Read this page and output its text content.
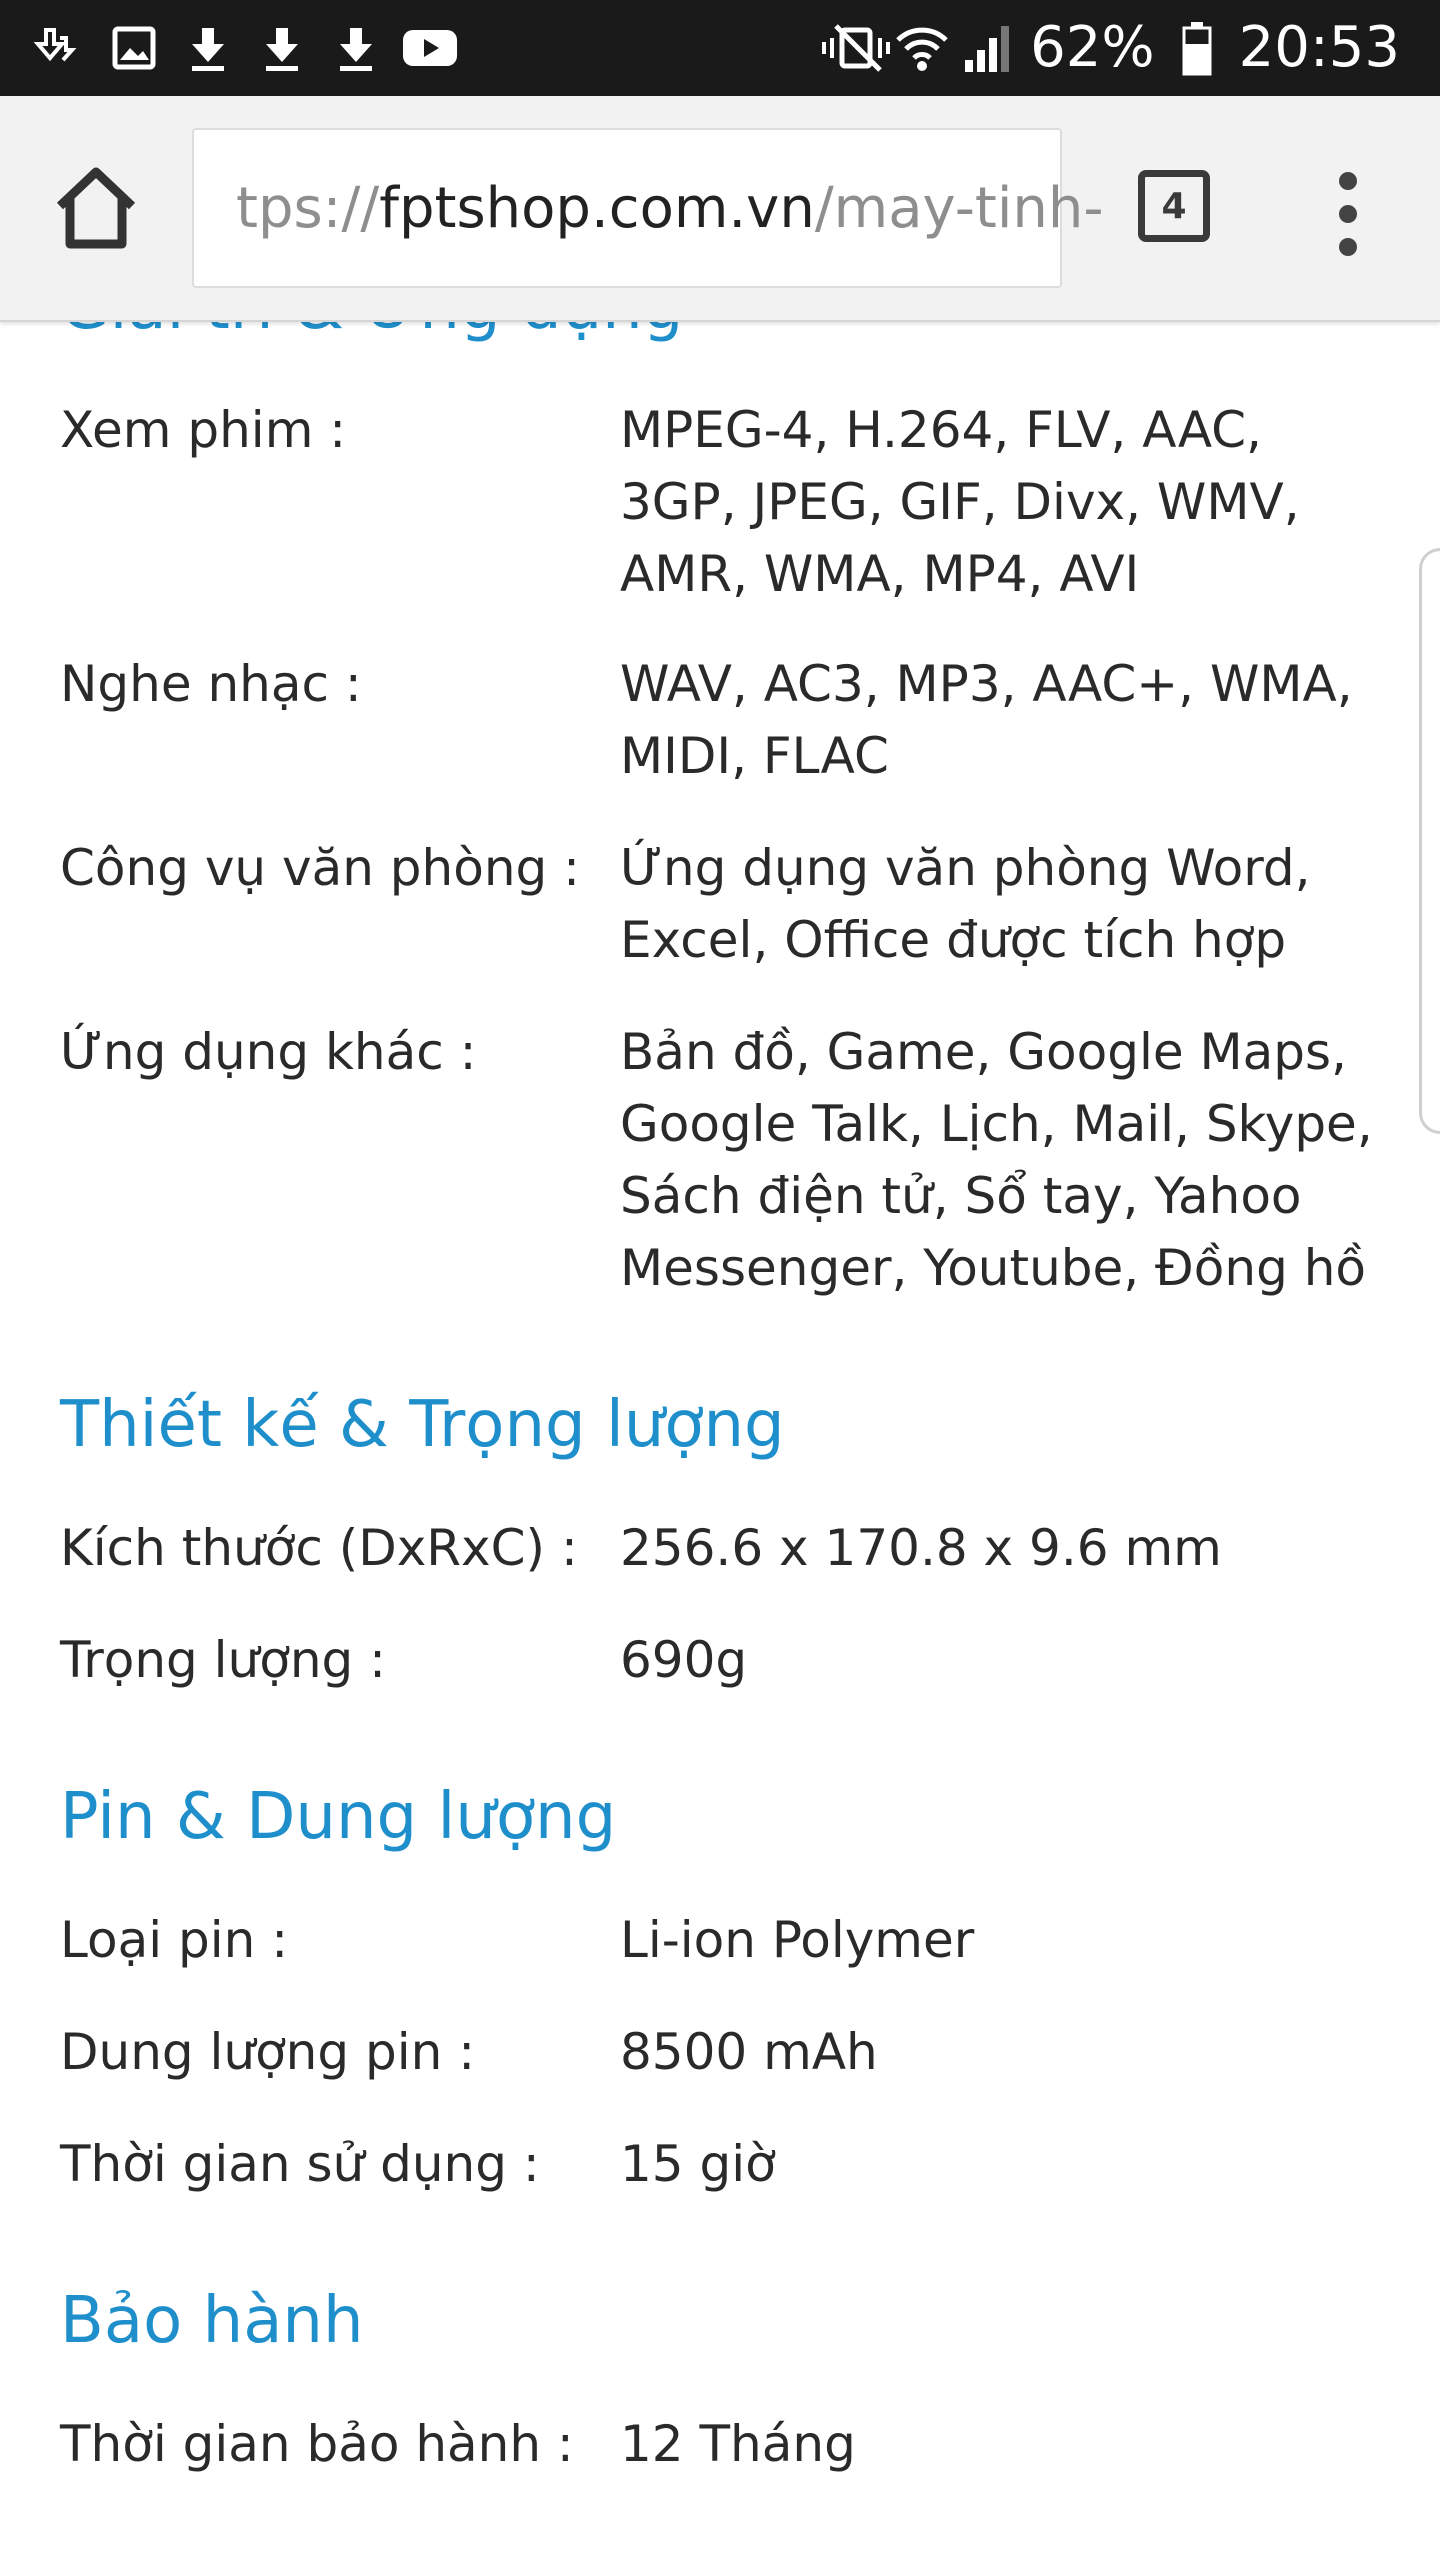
62% 20:53
tps://fptshop.com.vn/may-tinh-	4
Xem phim :	MPEG-4, H.264, FLV, AAC, 3GP, JPEG, GIF, Divx, WMV, AMR, WMA, MP4, AVI
Nghe nhạc :	WAV, AC3, MP3, AAC+, WMA, MIDI, FLAC
Công vụ văn phòng : Ứng dụng văn phòng Word, Excel, Office được tích hợp
Ứng dụng khác :	Bản đồ, Game, Google Maps, Google Talk, Lịch, Mail, Skype, Sách điện tử, Sổ tay, Yahoo Messenger, Youtube, Đồng hồ
Thiết kế & Trọng lượng
Kích thước (DxRxC) : 256.6 x 170.8 x 9.6 mm
Trọng lượng :	690g
Pin & Dung lượng
Loại pin :	Li-ion Polymer
Dung lượng pin :	8500 mAh
Thời gian sử dụng :	15 giờ
Bảo hành
Thời gian bảo hành : 12 Tháng
